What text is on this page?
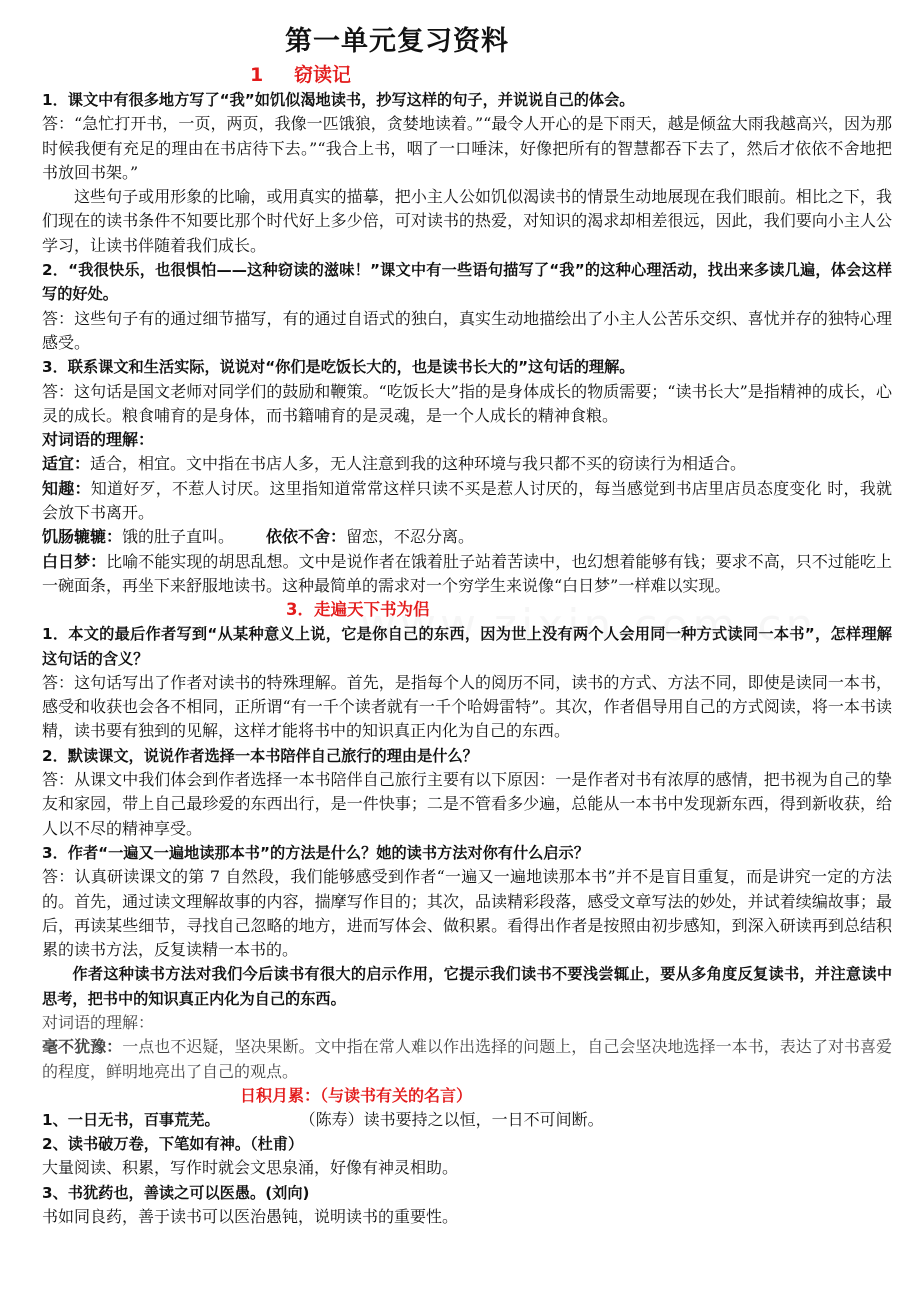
第一单元复习资料
1 窃读记

1．课文中有很多地方写了“我”如饥似渴地读书，抄写这样的句子，并说说自己的体会。

答：“急忙打开书，一页，两页，我像一匹饿狼，贪婪地读着。”“最令人开心的是下雨天，越是倾盆大雨我越高兴，因为那时候我便有充足的理由在书店待下去。”“我合上书，咽了一口唾沫，好像把所有的智慧都吞下去了，然后才依依不舍地把书放回书架。”

这些句子或用形象的比喻，或用真实的描摹，把小主人公如饥似渴读书的情景生动地展现在我们眼前。相比之下，我们现在的读书条件不知要比那个时代好上多少倍，可对读书的热爱，对知识的渴求却相差很远，因此，我们要向小主人公学习，让读书伴随着我们成长。

2．“我很快乐，也很惧怕——这种窃读的滋味！”课文中有一些语句描写了“我”的这种心理活动，找出来多读几遍，体会这样写的好处。

答：这些句子有的通过细节描写，有的通过自语式的独白，真实生动地描绘出了小主人公苦乐交织、喜忧并存的独特心理感受。

3．联系课文和生活实际，说说对“你们是吃饭长大的，也是读书长大的”这句话的理解。

答：这句话是国文老师对同学们的鼓励和鞭策。“吃饭长大”指的是身体成长的物质需要；“读书长大”是指精神的成长，心灵的成长。粮食哺育的是身体，而书籍哺育的是灵魂，是一个人成长的精神食粮。

对词语的理解：

适宜：适合，相宜。文中指在书店人多，无人注意到我的这种环境与我只都不买的窃读行为相适合。

知趣：知道好歹，不惹人讨厌。这里指知道常常这样只读不买是惹人讨厌的，每当感觉到书店里店员态度变化 时，我就会放下书离开。

饥肠辘辘：饿的肚子直叫。 依依不舍：留恋，不忍分离。

白日梦：比喻不能实现的胡思乱想。文中是说作者在饿着肚子站着苦读中，也幻想着能够有钱；要求不高，只不过能吃上一碗面条，再坐下来舒服地读书。这种最简单的需求对一个穷学生来说像“白日梦”一样难以实现。

3．走遍天下书为侣

1．本文的最后作者写到“从某种意义上说，它是你自己的东西，因为世上没有两个人会用同一种方式读同一本书”，怎样理解这句话的含义？

答：这句话写出了作者对读书的特殊理解。首先，是指每个人的阅历不同，读书的方式、方法不同，即使是读同一本书，感受和收获也会各不相同，正所谓“有一千个读者就有一千个哈姆雷特”。其次，作者倡导用自己的方式阅读，将一本书读精，读书要有独到的见解，这样才能将书中的知识真正内化为自己的东西。

2．默读课文，说说作者选择一本书陪伴自己旅行的理由是什么？

答：从课文中我们体会到作者选择一本书陪伴自己旅行主要有以下原因：一是作者对书有浓厚的感情，把书视为自己的挚友和家园，带上自己最珍爱的东西出行，是一件快事；二是不管看多少遍，总能从一本书中发现新东西，得到新收获，给人以不尽的精神享受。

3．作者“一遍又一遍地读那本书”的方法是什么？她的读书方法对你有什么启示？

答：认真研读课文的第 7 自然段，我们能够感受到作者“一遍又一遍地读那本书”并不是盲目重复，而是讲究一定的方法的。首先，通过读文理解故事的内容，揣摩写作目的；其次，品读精彩段落，感受文章写法的妙处，并试着续编故事；最后，再读某些细节，寻找自己忽略的地方，进而写体会、做积累。看得出作者是按照由初步感知，到深入研读再到总结积累的读书方法，反复读精一本书的。

作者这种读书方法对我们今后读书有很大的启示作用，它提示我们读书不要浅尝辄止，要从多角度反复读书，并注意读中思考，把书中的知识真正内化为自己的东西。

对词语的理解：

毫不犹豫：一点也不迟疑，坚决果断。文中指在常人难以作出选择的问题上，自己会坚决地选择一本书，表达了对书喜爱的程度，鲜明地亮出了自己的观点。

日积月累：（与读书有关的名言）

1、一日无书，百事荒芜。	（陈寿）读书要持之以恒，一日不可间断。

2、读书破万卷，下笔如有神。（杜甫）

大量阅读、积累，写作时就会文思泉涌，好像有神灵相助。

3、书犹药也，善读之可以医愚。(刘向)

书如同良药，善于读书可以医治愚钝，说明读书的重要性。
